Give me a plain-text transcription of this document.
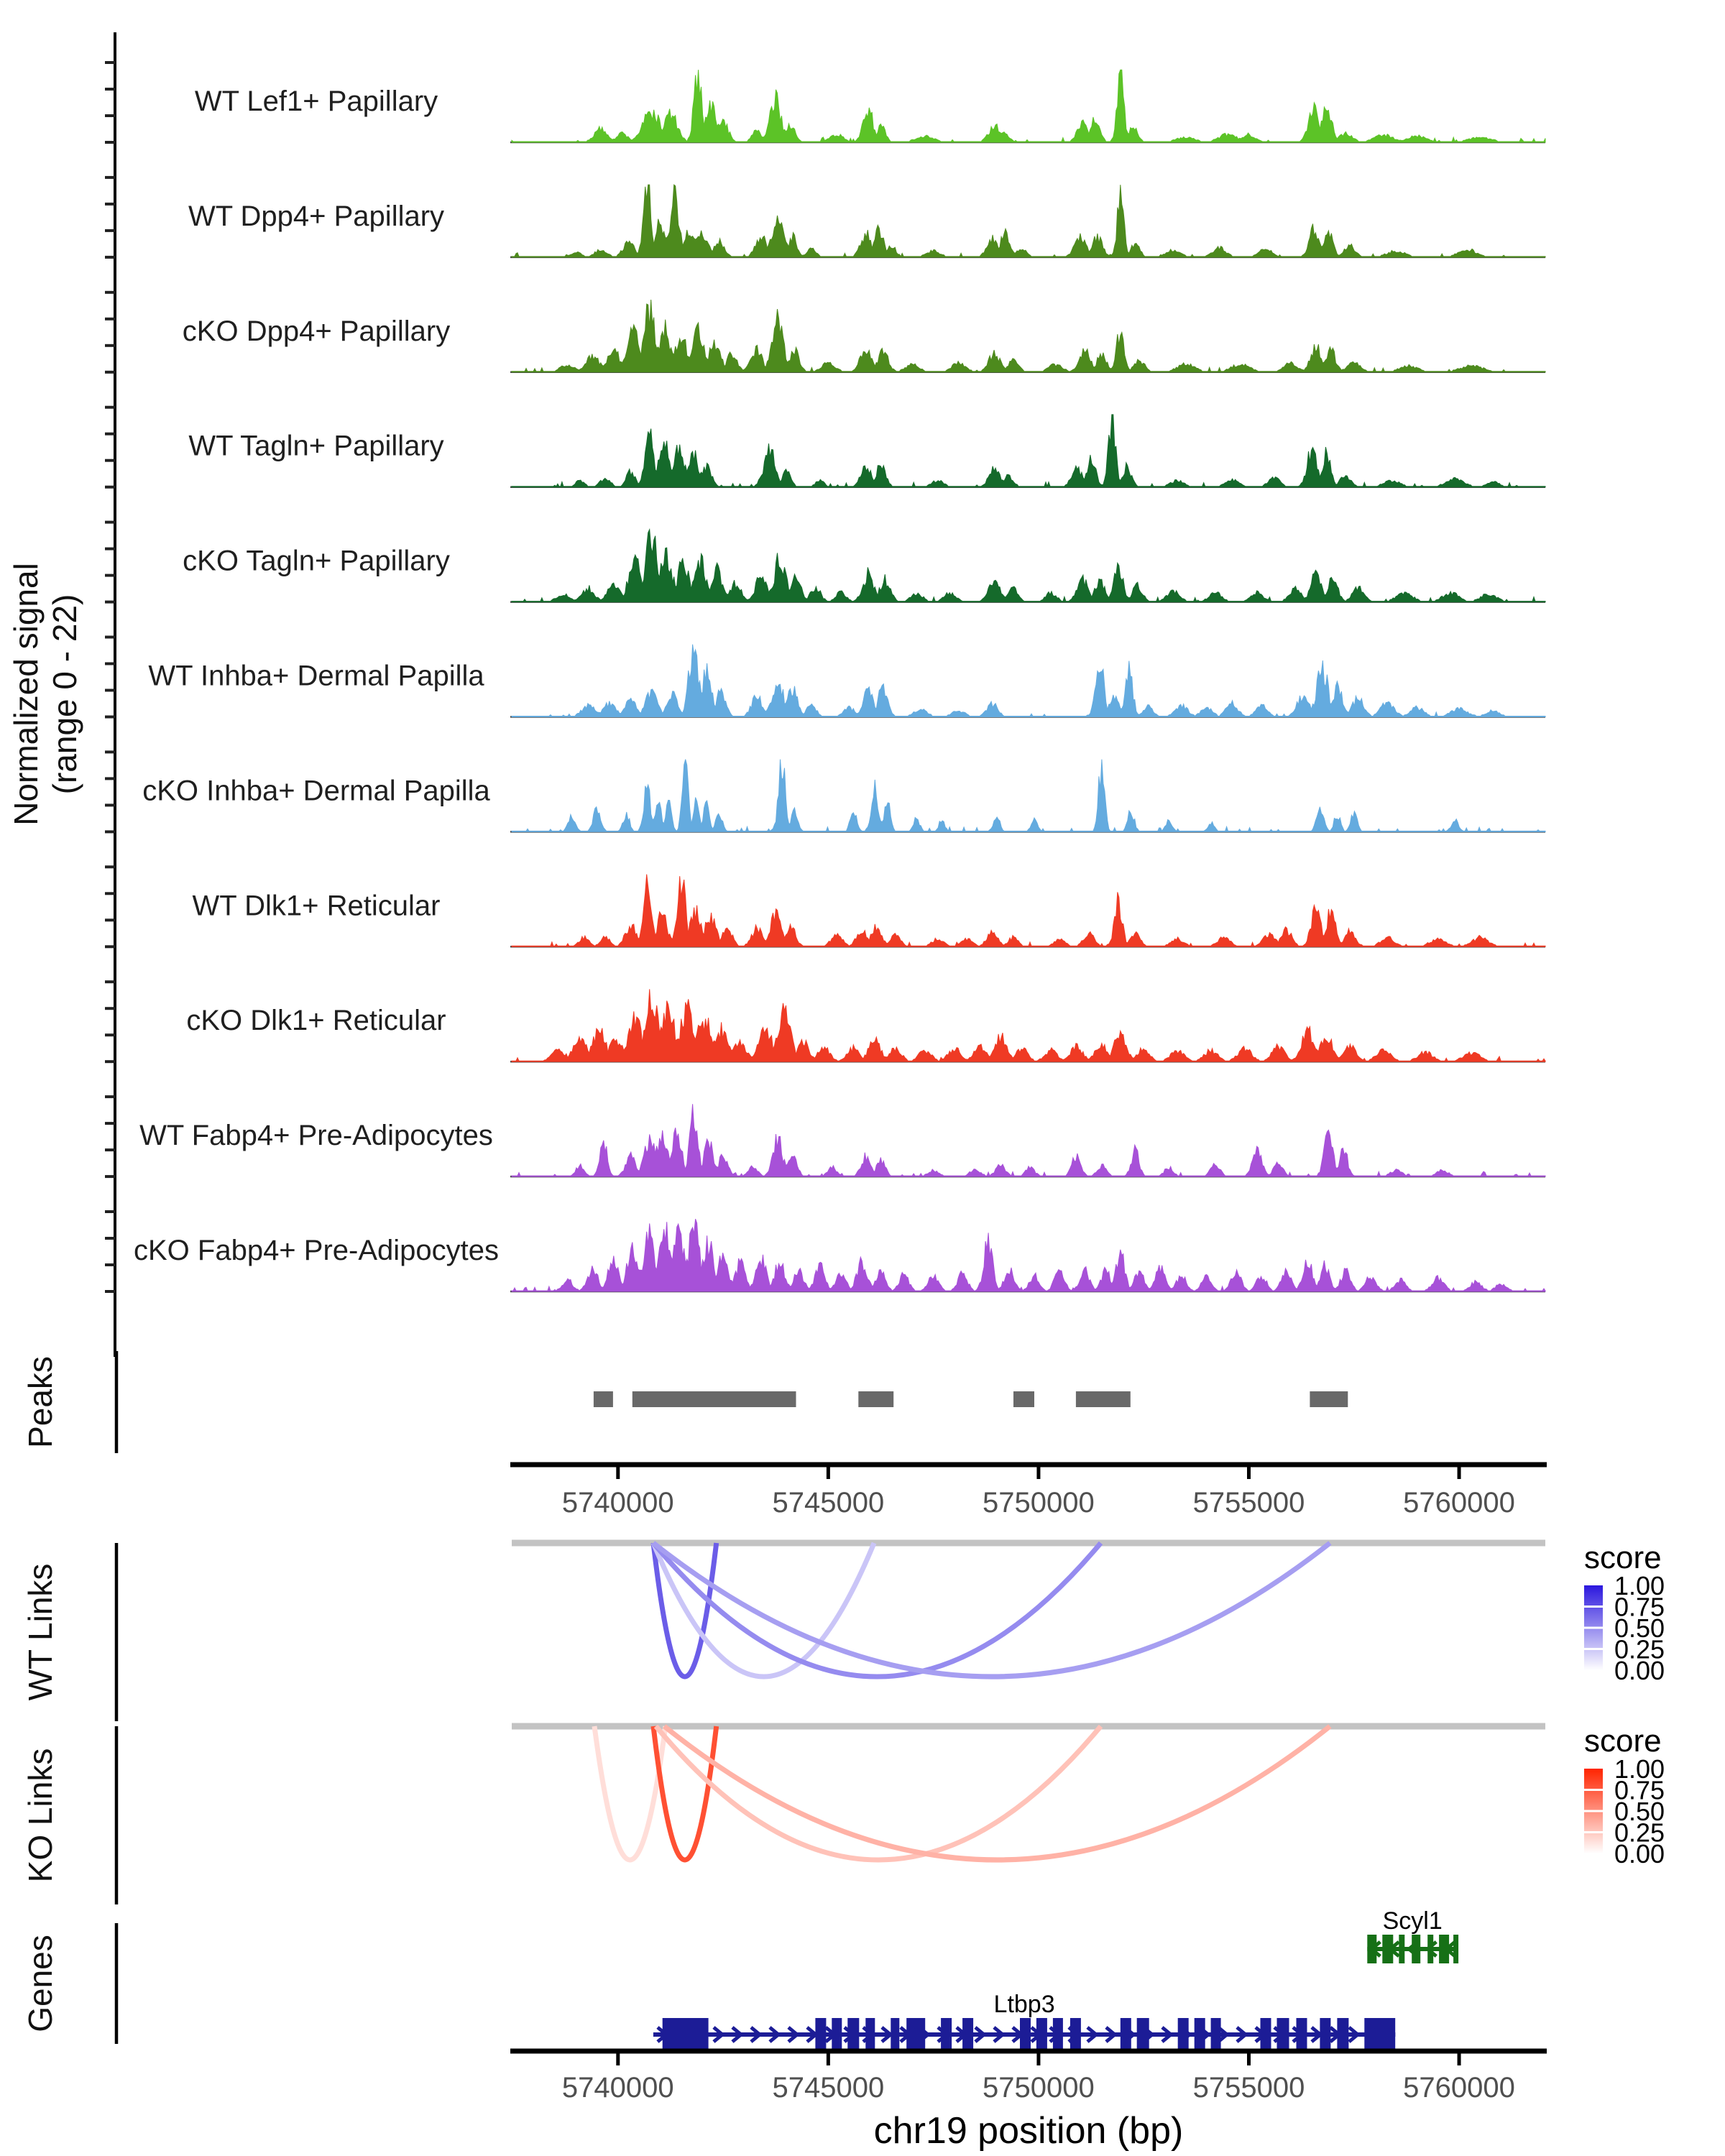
WT Lef1+ Papillary
WT Dpp4+ Papillary
cKO Dpp4+ Papillary
WT Tagln+ Papillary
cKO Tagln+ Papillary
WT Inhba+ Dermal Papilla
cKO Inhba+ Dermal Papilla
WT Dlk1+ Reticular
cKO Dlk1+ Reticular
WT Fabp4+ Pre-Adipocytes
cKO Fabp4+ Pre-Adipocytes
5740000	5745000	5750000	5755000	5760000
1.00
0.75
0.50
0.25
0.00
1.00
0.75
0.50
0.25
0.00
Scyl1
Ltbp3
5740000	5745000	5750000	5755000	5760000
Normalized signal (range 0 - 22)
Peaks
WT Links
KO Links
Genes
score
score
chr19 position (bp)
